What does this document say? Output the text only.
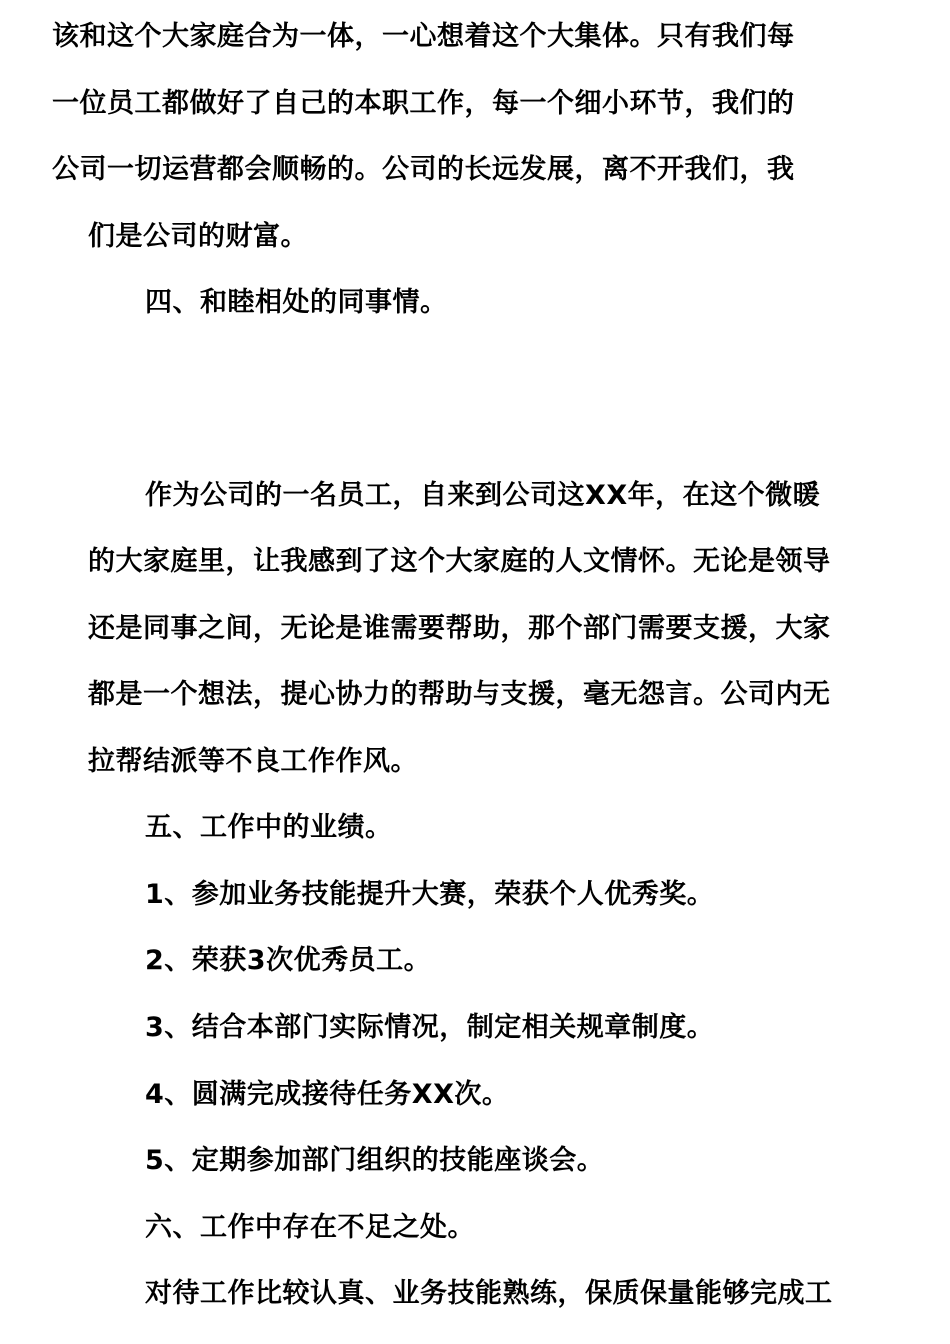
该和这个大家庭合为一体，一心想着这个大集体。只有我们每
一位员工都做好了自己的本职工作，每一个细小环节，我们的
公司一切运营都会顺畅的。公司的长远发展，离不开我们，我
们是公司的财富。
四、和睦相处的同事情。
作为公司的一名员工，自来到公司这XX年，在这个微暖
的大家庭里，让我感到了这个大家庭的人文情怀。无论是领导
还是同事之间，无论是谁需要帮助，那个部门需要支援，大家
都是一个想法，提心协力的帮助与支援，毫无怨言。公司内无
拉帮结派等不良工作作风。
五、工作中的业绩。
1、参加业务技能提升大赛，荣获个人优秀奖。
2、荣获3次优秀员工。
3、结合本部门实际情况，制定相关规章制度。
4、圆满完成接待任务XX次。
5、定期参加部门组织的技能座谈会。
六、工作中存在不足之处。
对待工作比较认真、业务技能熟练，保质保量能够完成工
